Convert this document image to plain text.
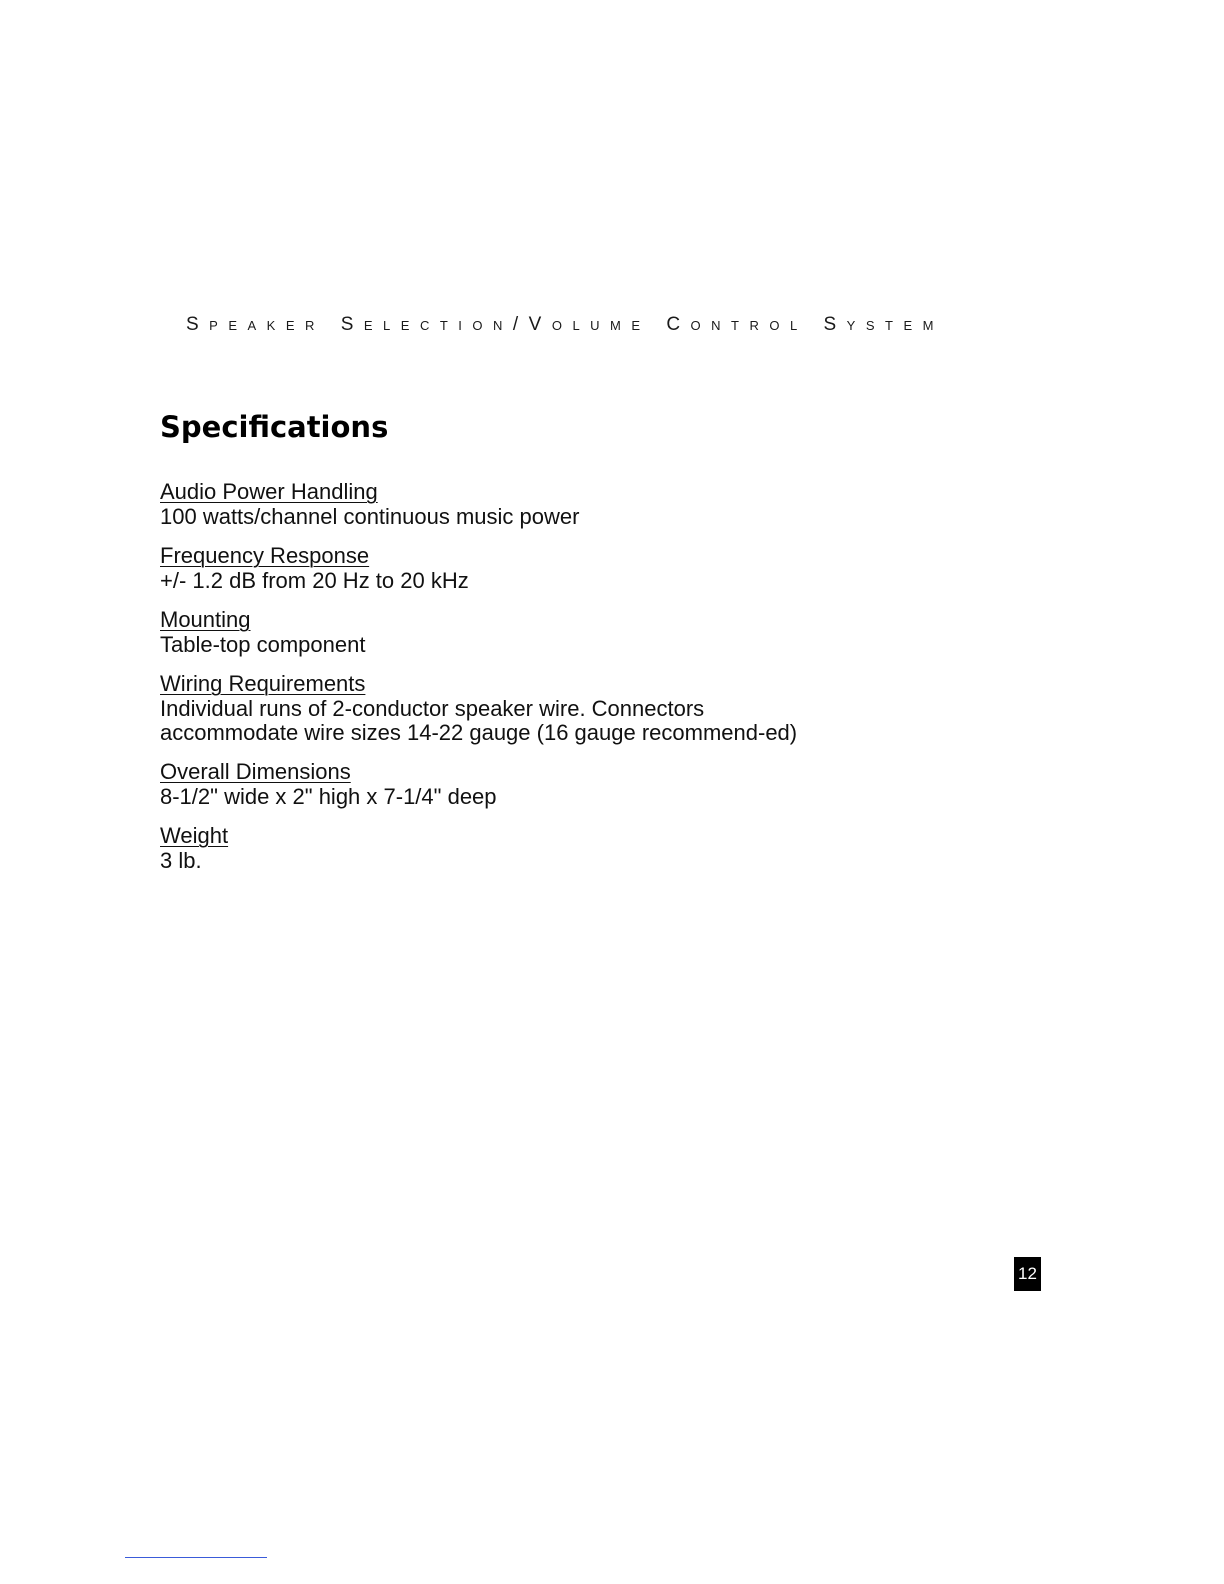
Speaker Selection/Volume Control System
Specifications
Audio Power Handling
100 watts/channel continuous music power
Frequency Response
+/- 1.2 dB from 20 Hz to 20 kHz
Mounting
Table-top component
Wiring Requirements
Individual runs of 2-conductor speaker wire. Connectors accommodate wire sizes 14-22 gauge (16 gauge recommend-ed)
Overall Dimensions
8-1/2" wide x 2" high x 7-1/4" deep
Weight
3 lb.
12
